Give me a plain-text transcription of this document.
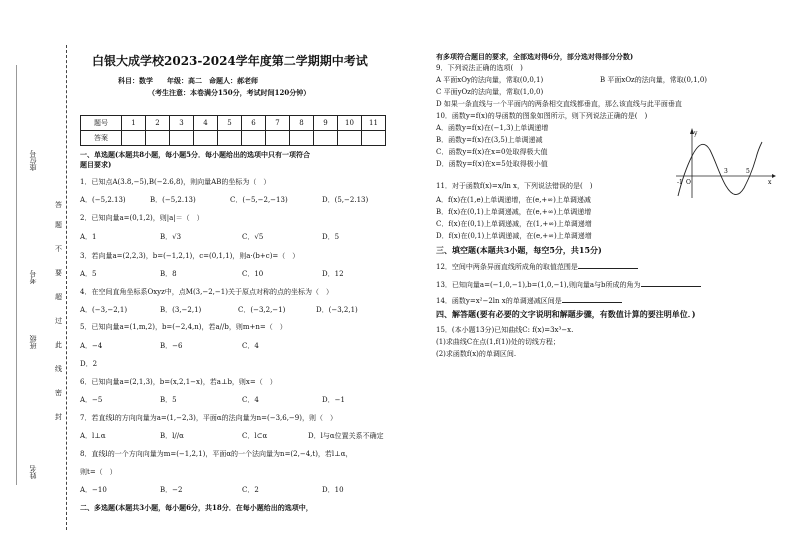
座位号
考号
班级
姓名
答
题
不
要
超
过
此
线
密
封
白银大成学校2023-2024学年度第二学期期中考试
科目：数学　　年级：高二　命题人：郝老师
（考生注意：本卷满分150分，考试时间120分钟）
题号	1	2	3	4	5	6	7	8	9	10	11
答案											
一、单选题(本题共8小题，每小题5分．每小题给出的选项中只有一项符合
题目要求)
1．已知点A(3.8,−5),B(−2.6,8)，则向量AB的坐标为（　）
A．(−5,2.13)	B．(−5,2.13)	C．(−5,−2,−13)	D．(5,−2.13)
2．已知向量a=(0,1,2)，则|a|＝（　）
A．1	B．√3	C．√5	D．5
3．若向量a=(2,2,3)，b=(−1,2,1)，c=(0,1,1)，则a·(b+c)=（　）
A．5	B．8	C．10	D．12
4．在空间直角坐标系Oxyz中，点M(3,−2,−1)关于原点对称的点的坐标为（　）
A．(−3,−2,1)	B．(3,−2,1)	C．(−3,2,−1)	D．(−3,2,1)
5．已知向量a=(1,m,2)，b=(−2,4,n)，若a//b，则m+n=（　）
A．−4	B．−6	C．4
D．2
6．已知向量a=(2,1,3)，b=(x,2,1−x)，若a⊥b，则x=（　）
A．−5	B．5	C．4	D．−1
7．若直线l的方向向量为a=(1,−2,3)，平面α的法向量为n=(−3,6,−9)，则（　）
A．l⊥α	B．l//α	C．l⊂α	D．l与α位置关系不确定
8．直线l的一个方向向量为m=(−1,2,1)，平面α的一个法向量为n=(2,−4,t)，若l⊥α，
则t=（　）
A．−10	B．−2	C．2	D．10
二、多选题(本题共3小题，每小题6分，共18分．在每小题给出的选项中，
有多项符合题目的要求，全部选对得6分，部分选对得部分分数)
9．下列说法正确的选项(　)
A 平面xOy的法向量，常取(0,0,1)	B 平面xOz的法向量，常取(0,1,0)
C 平面yOz的法向量，常取(1,0,0)
D 如果一条直线与一个平面内的两条相交直线都垂直，那么该直线与此平面垂直
10．函数y=f(x)的导函数的图象如图所示，则下列说法正确的是(　)
A．函数y=f(x)在(−1,3)上单调递增
B．函数y=f(x)在(3,5)上单调递减
C．函数y=f(x)在x=0处取得极大值
D．函数y=f(x)在x=5处取得极小值
y
O
-1
3	5
x
11．对于函数f(x)=x/ln x，下列说法错误的是(　)
A．f(x)在(1,e)上单调递增，在(e,+∞)上单调递减
B．f(x)在(0,1)上单调递减，在(e,+∞)上单调递增
C．f(x)在(0,1)上单调递减，在(1,+∞)上单调递增
D．f(x)在(0,1)上单调递减，在(e,+∞)上单调递增
三、填空题(本题共3小题，每空5分，共15分)
12．空间中两条异面直线所成角的取值范围是
13．已知向量a=(−1,0,−1),b=(1,0,−1),则向量a与b所成的角为
14．函数y=x²−2ln x的单调递减区间是
四、解答题(要有必要的文字说明和解题步骤，有数值计算的要注明单位．)
15．(本小题13分)已知曲线C: f(x)=3x³−x.
(1)求曲线C在点(1,f(1))处的切线方程；
(2)求函数f(x)的单调区间.
